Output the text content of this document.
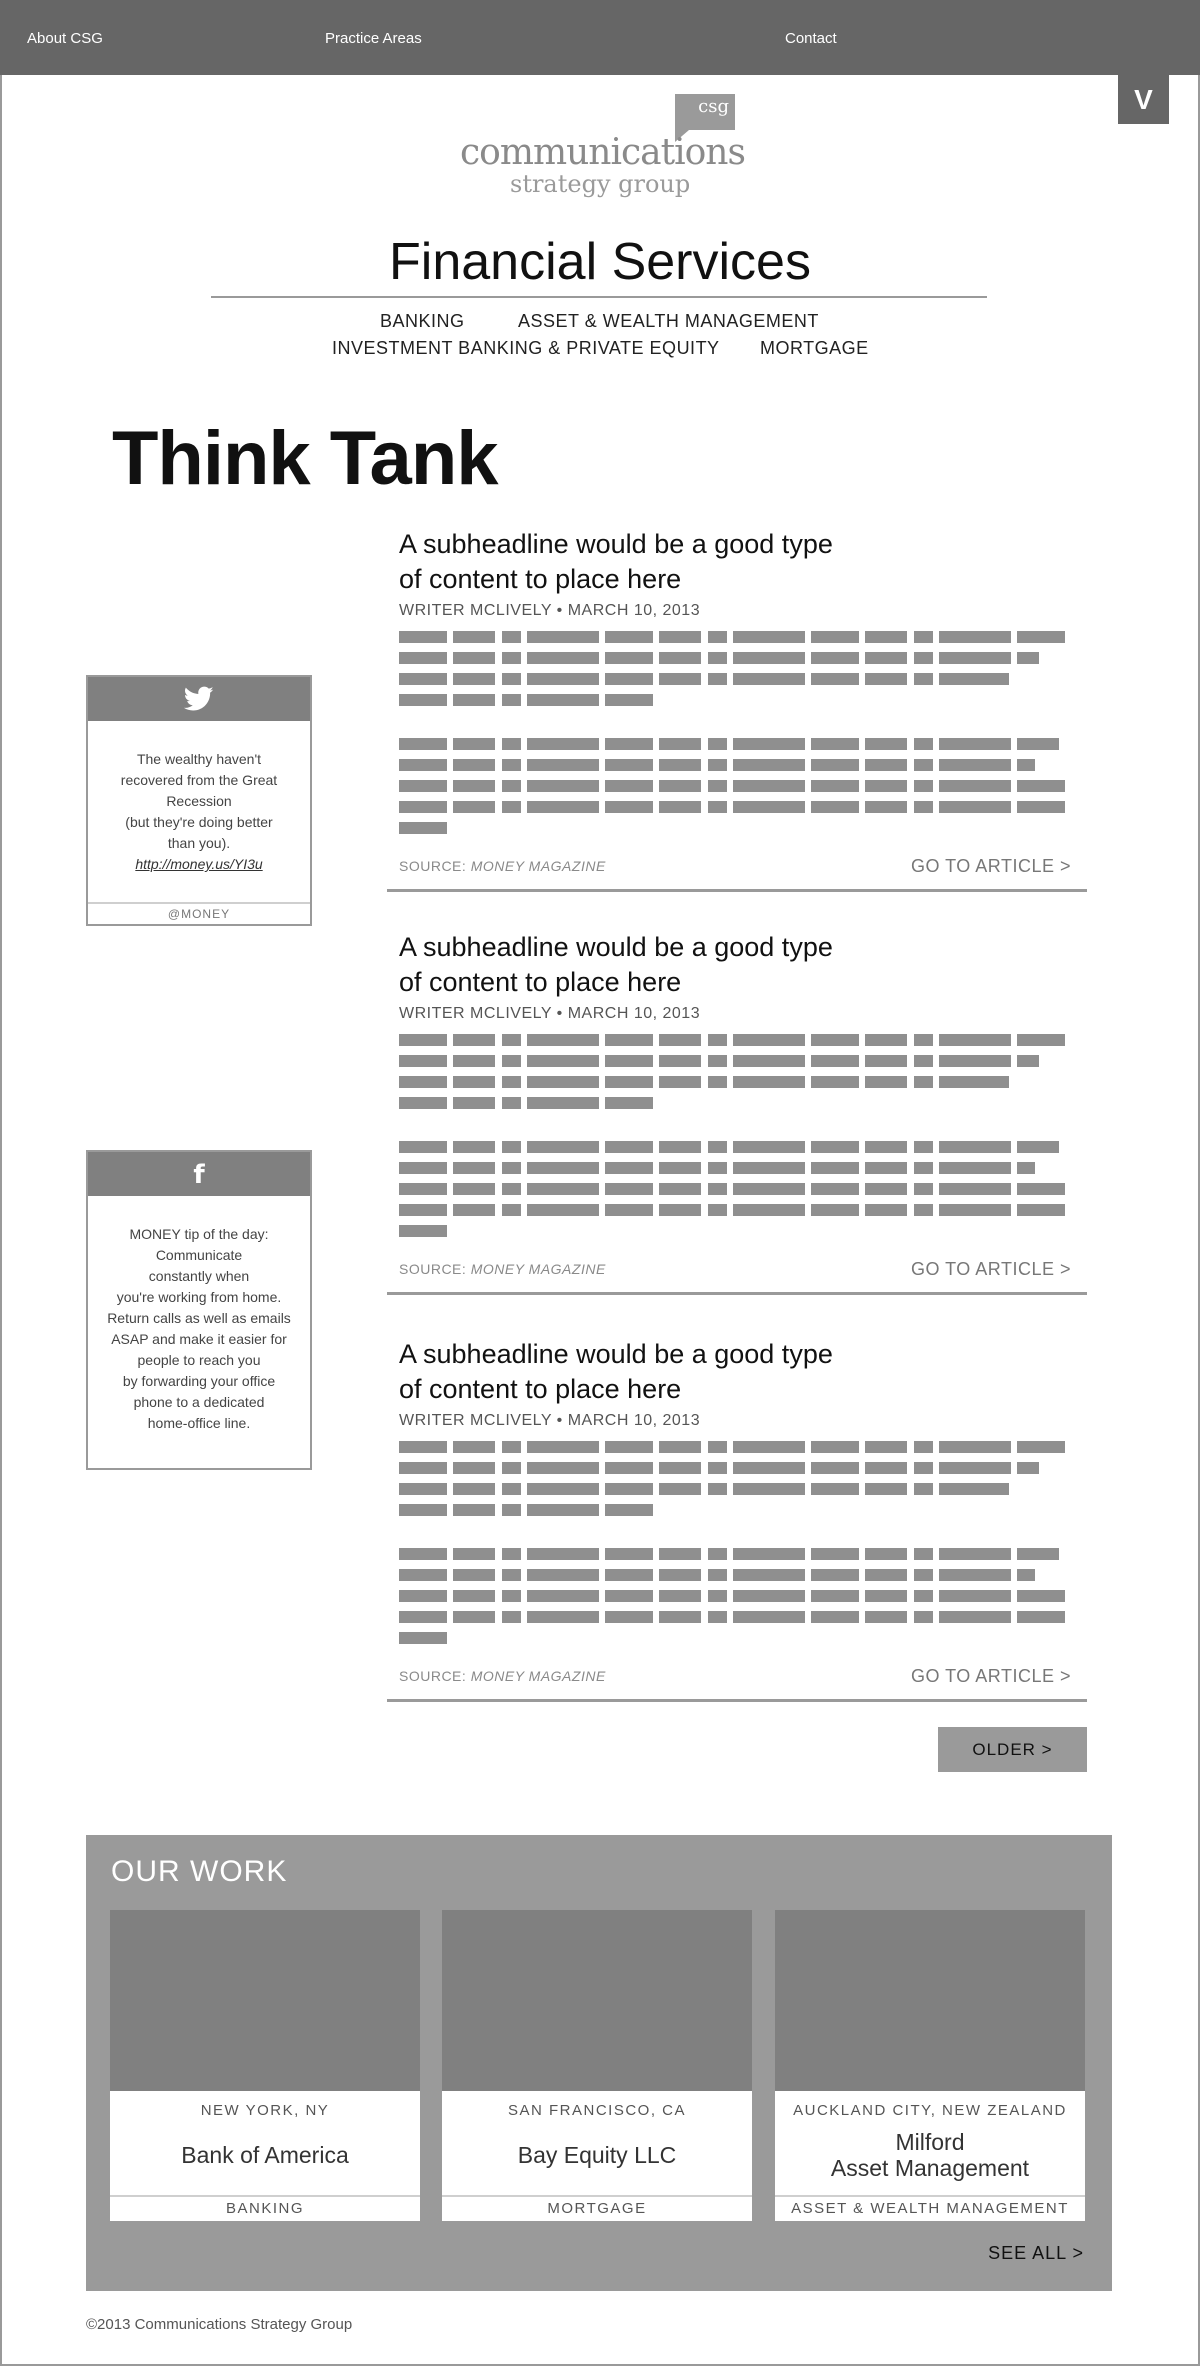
About CSG	Practice Areas	Contact
V
csg
communications
strategy group
Financial Services
BANKING	ASSET & WEALTH MANAGEMENT
INVESTMENT BANKING & PRIVATE EQUITY MORTGAGE
Think Tank
A subheadline would be a good type of content to place here
WRITER MCLIVELY • MARCH 10, 2013
SOURCE: MONEY MAGAZINE	GO TO ARTICLE >
A subheadline would be a good type of content to place here
WRITER MCLIVELY • MARCH 10, 2013
SOURCE: MONEY MAGAZINE	GO TO ARTICLE >
A subheadline would be a good type of content to place here
WRITER MCLIVELY • MARCH 10, 2013
SOURCE: MONEY MAGAZINE	GO TO ARTICLE >
The wealthy haven't
recovered from the Great
Recession
(but they're doing better
than you).
http://money.us/YI3u
@MONEY
f
MONEY tip of the day:
Communicate
constantly when
you're working from home.
Return calls as well as emails
ASAP and make it easier for
people to reach you
by forwarding your office
phone to a dedicated
home-office line.
OLDER >
OUR WORK
NEW YORK, NY
Bank of America
BANKING
SAN FRANCISCO, CA
Bay Equity LLC
MORTGAGE
AUCKLAND CITY, NEW ZEALAND
Milford
Asset Management
ASSET & WEALTH MANAGEMENT
SEE ALL >
©2013 Communications Strategy Group
